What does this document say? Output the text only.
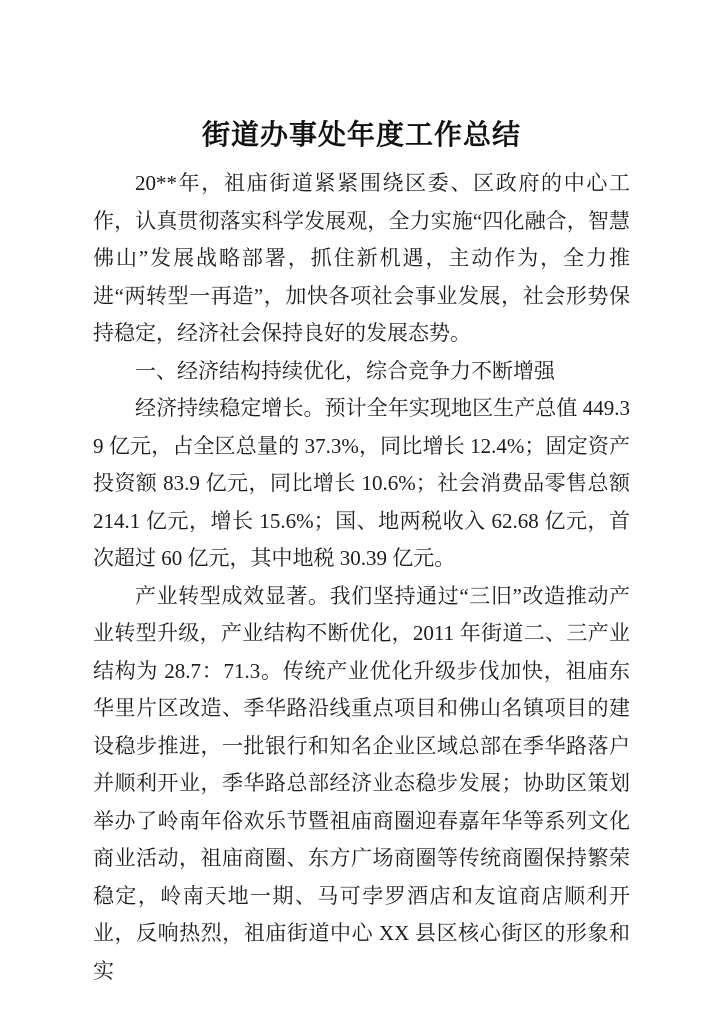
街道办事处年度工作总结

20**年，祖庙街道紧紧围绕区委、区政府的中心工作，认真贯彻落实科学发展观，全力实施“四化融合，智慧佛山”发展战略部署，抓住新机遇，主动作为，全力推进“两转型一再造”，加快各项社会事业发展，社会形势保持稳定，经济社会保持良好的发展态势。

一、经济结构持续优化，综合竞争力不断增强

经济持续稳定增长。预计全年实现地区生产总值 449.39 亿元，占全区总量的 37.3%，同比增长 12.4%；固定资产投资额 83.9 亿元，同比增长 10.6%；社会消费品零售总额 214.1 亿元，增长 15.6%；国、地两税收入 62.68 亿元，首次超过 60 亿元，其中地税 30.39 亿元。

产业转型成效显著。我们坚持通过“三旧”改造推动产业转型升级，产业结构不断优化，2011 年街道二、三产业结构为 28.7：71.3。传统产业优化升级步伐加快，祖庙东华里片区改造、季华路沿线重点项目和佛山名镇项目的建设稳步推进，一批银行和知名企业区域总部在季华路落户并顺利开业，季华路总部经济业态稳步发展；协助区策划举办了岭南年俗欢乐节暨祖庙商圈迎春嘉年华等系列文化商业活动，祖庙商圈、东方广场商圈等传统商圈保持繁荣稳定，岭南天地一期、马可孛罗酒店和友谊商店顺利开业，反响热烈，祖庙街道中心 XX 县区核心街区的形象和实
